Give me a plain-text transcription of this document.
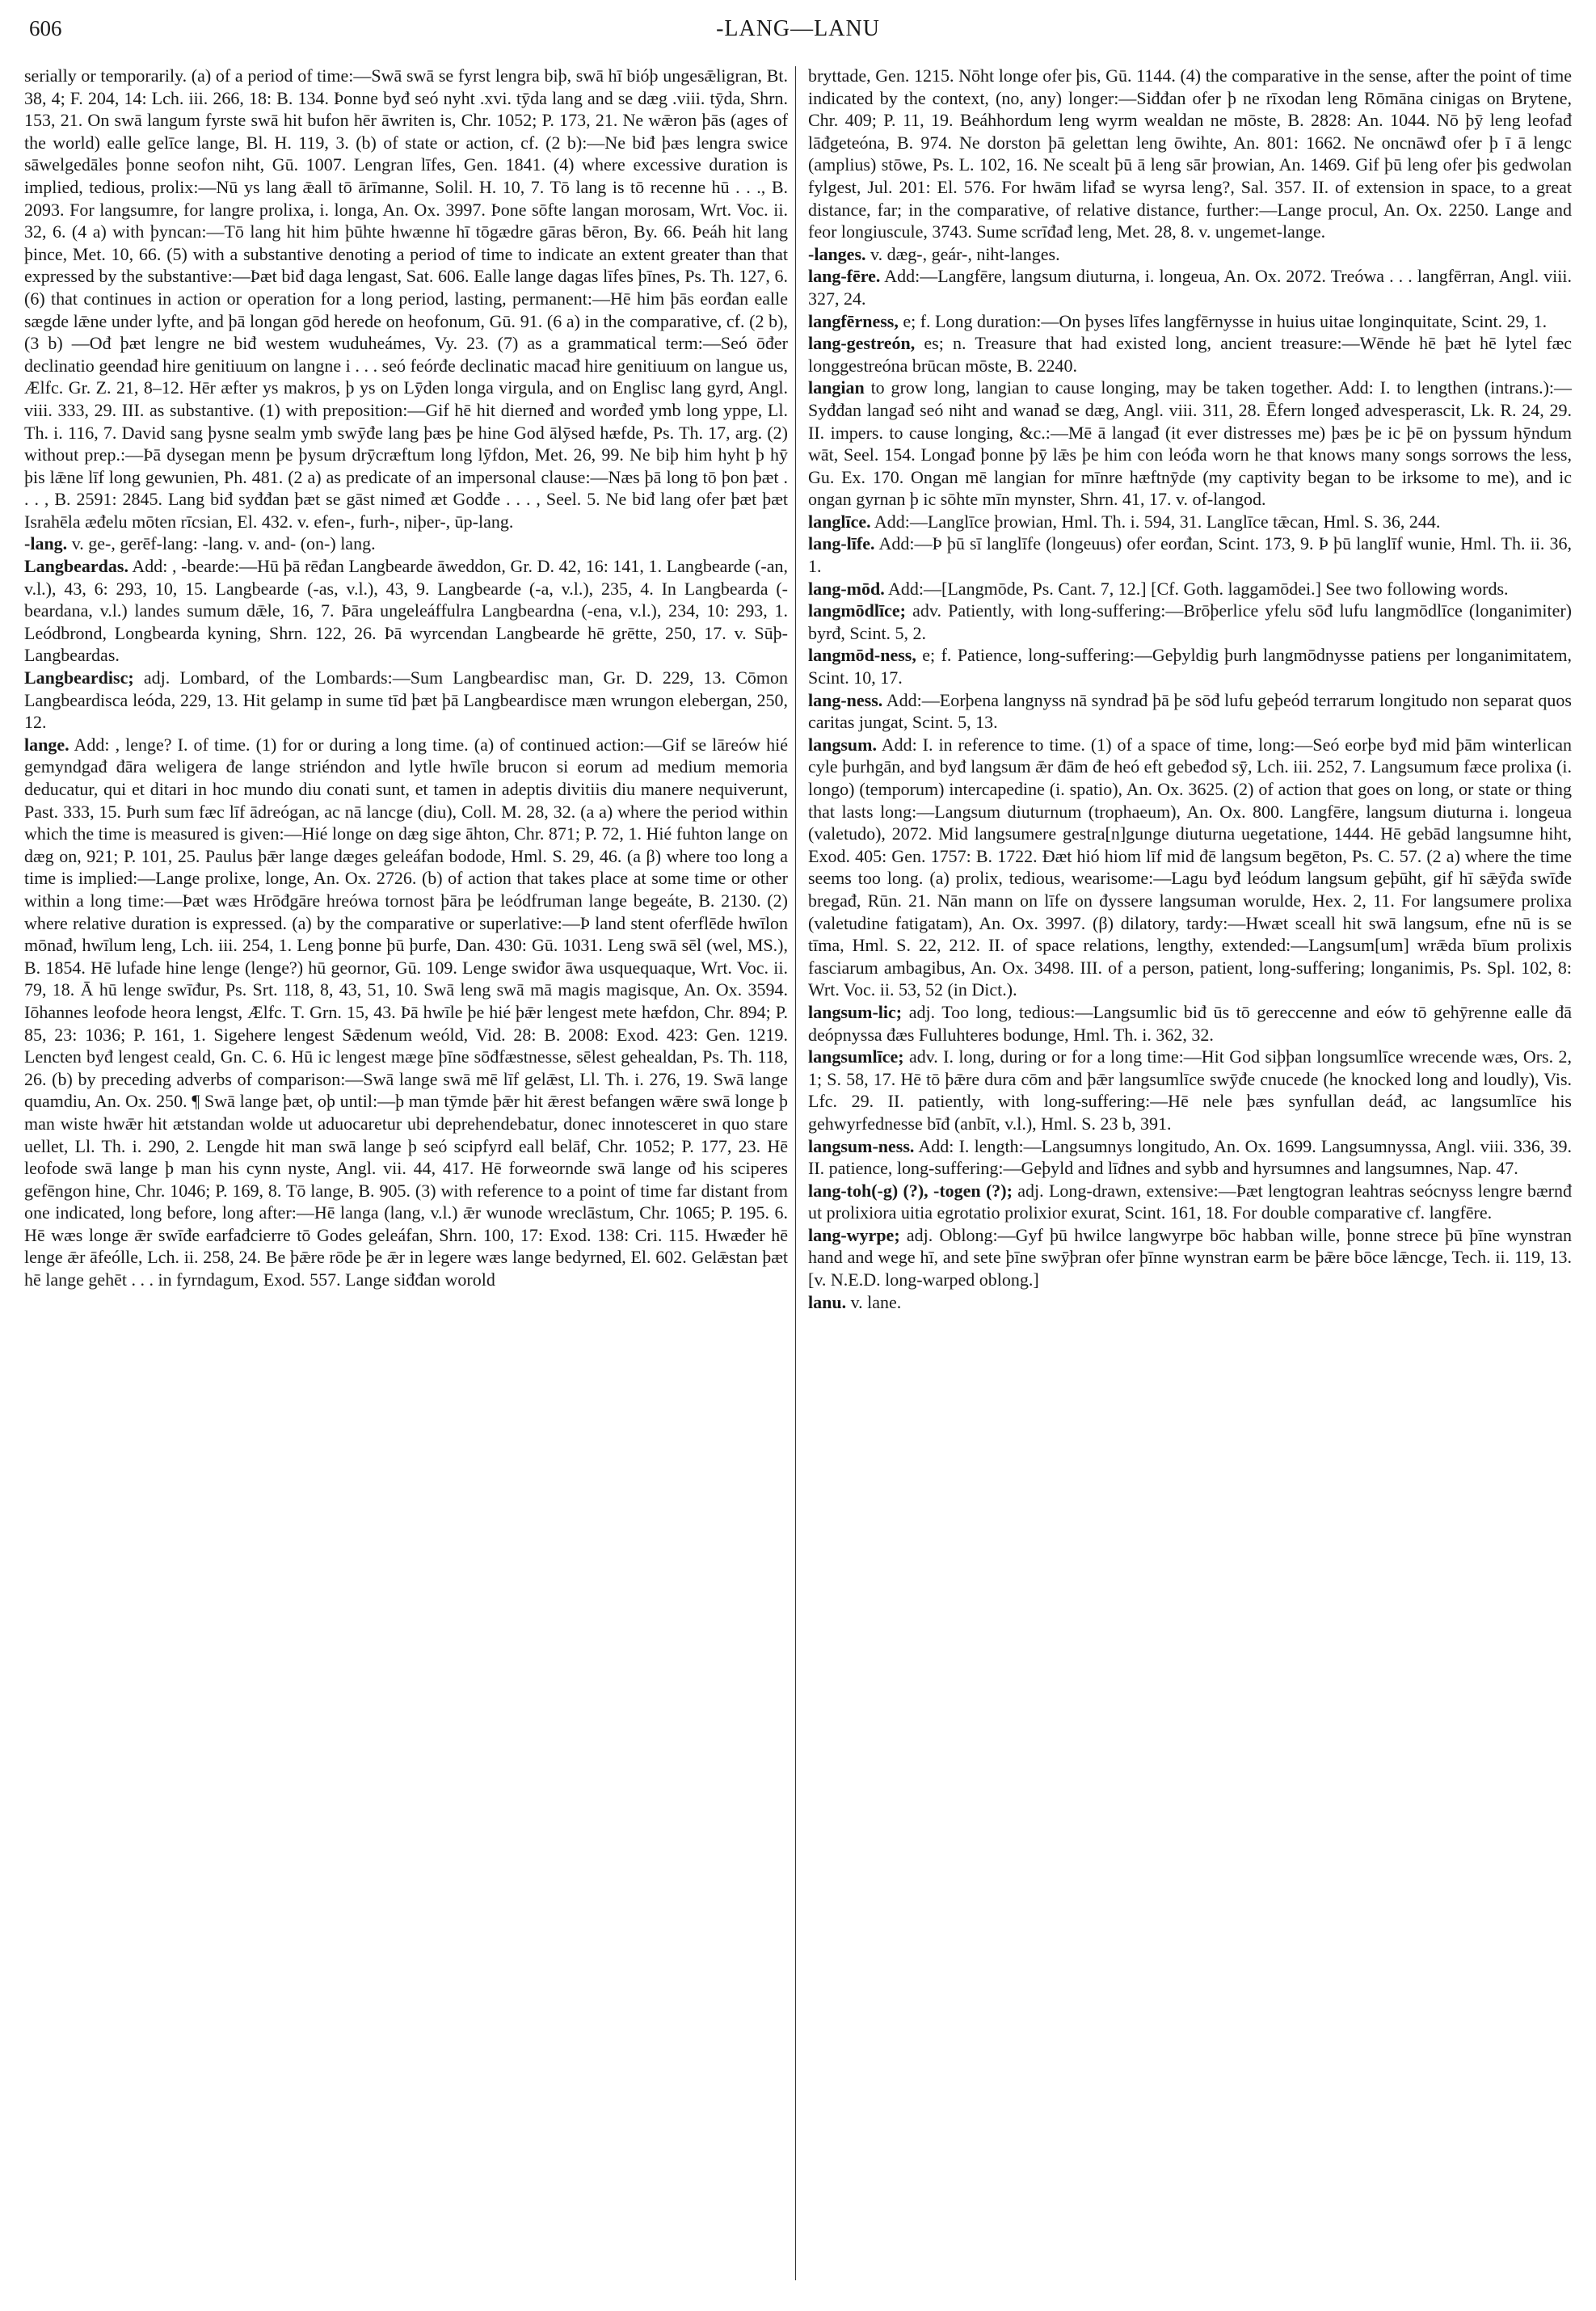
606	-LANG—LANU

serially or temporarily. (a) of a period of time:—Swā swā se fyrst lengra biþ, swā hī bióþ ungesǣligran, Bt. 38, 4; F. 204, 14: Lch. iii. 266, 18: B. 134. Þonne byđ seó nyht .xvi. tȳda lang and se dæg .viii. tȳda, Shrn. 153, 21. On swā langum fyrste swā hit bufon hēr āwriten is, Chr. 1052; P. 173, 21. Ne wǣron þās (ages of the world) ealle gelīce lange, Bl. H. 119, 3. (b) of state or action, cf. (2 b):—Ne biđ þæs lengra swice sāwelgedāles þonne seofon niht, Gū. 1007. Lengran līfes, Gen. 1841. (4) where excessive duration is implied, tedious, prolix:—Nū ys lang ǣall tō ārīmanne, Solil. H. 10, 7. Tō lang is tō recenne hū . . ., B. 2093. For langsumre, for langre prolixa, i. longa, An. Ox. 3997. Þone sōfte langan morosam, Wrt. Voc. ii. 32, 6. (4 a) with þyncan:—Tō lang hit him þūhte hwænne hī tōgædre gāras bēron, By. 66. Þeáh hit lang þince, Met. 10, 66. (5) with a substantive denoting a period of time to indicate an extent greater than that expressed by the substantive:—Þæt biđ daga lengast, Sat. 606. Ealle lange dagas līfes þīnes, Ps. Th. 127, 6. (6) that continues in action or operation for a long period, lasting, permanent:—Hē him þās eorđan ealle sægde lǣne under lyfte, and þā longan gōd herede on heofonum, Gū. 91. (6 a) in the comparative, cf. (2 b), (3 b) —Ođ þæt lengre ne biđ westem wuduheámes, Vy. 23. (7) as a grammatical term:—Seó ōđer declinatio geendađ hire genitiuum on langne i . . . seó feórđe declinatic macađ hire genitiuum on langue us, Ælfc. Gr. Z. 21, 8–12. Hēr æfter ys makros, þ ys on Lȳden longa virgula, and on Englisc lang gyrd, Angl. viii. 333, 29. III. as substantive. (1) with preposition:—Gif hē hit dierneđ and worđeđ ymb long yppe, Ll. Th. i. 116, 7. David sang þysne sealm ymb swȳđe lang þæs þe hine God ālȳsed hæfde, Ps. Th. 17, arg. (2) without prep.:—Þā dysegan menn þe þysum drȳcræftum long lȳfdon, Met. 26, 99. Ne biþ him hyht þ hȳ þis lǣne līf long gewunien, Ph. 481. (2 a) as predicate of an impersonal clause:—Næs þā long tō þon þæt . . . , B. 2591: 2845. Lang biđ syđđan þæt se gāst nimeđ æt Godđe . . . , Seel. 5. Ne biđ lang ofer þæt þæt Israhēla æđelu mōten rīcsian, El. 432. v. efen-, furh-, niþer-, ūp-lang.

-lang. v. ge-, gerēf-lang: -lang. v. and- (on-) lang.

Langbeardas. Add: , -bearde:—Hū þā rēđan Langbearde āweddon, Gr. D. 42, 16: 141, 1. Langbearde (-an, v.l.), 43, 6: 293, 10, 15. Langbearde (-as, v.l.), 43, 9. Langbearde (-a, v.l.), 235, 4. In Langbearda (-beardana, v.l.) landes sumum dǣle, 16, 7. Þāra ungeleáffulra Langbeardna (-ena, v.l.), 234, 10: 293, 1. Leódbrond, Longbearda kyning, Shrn. 122, 26. Þā wyrcendan Langbearde hē grētte, 250, 17. v. Sūþ-Langbeardas.

Langbeardisc; adj. Lombard, of the Lombards:—Sum Langbeardisc man, Gr. D. 229, 13. Cōmon Langbeardisca leóda, 229, 13. Hit gelamp in sume tīd þæt þā Langbeardisce mæn wrungon elebergan, 250, 12.

lange. Add: , lenge? I. of time. (1) for or during a long time. (a) of continued action:—Gif se lāreów hié gemyndgađ đāra weligera đe lange striéndon and lytle hwīle brucon si eorum ad medium memoria deducatur, qui et ditari in hoc mundo diu conati sunt, et tamen in adeptis divitiis diu manere nequiverunt, Past. 333, 15. Þurh sum fæc līf ādreógan, ac nā lancge (diu), Coll. M. 28, 32. (a a) where the period within which the time is measured is given:—Hié longe on dæg sige āhton, Chr. 871; P. 72, 1. Hié fuhton lange on dæg on, 921; P. 101, 25. Paulus þǣr lange dæges geleáfan bodode, Hml. S. 29, 46. (a β) where too long a time is implied:—Lange prolixe, longe, An. Ox. 2726. (b) of action that takes place at some time or other within a long time:—Þæt wæs Hrōđgāre hreówa tornost þāra þe leódfruman lange begeáte, B. 2130. (2) where relative duration is expressed. (a) by the comparative or superlative:—Þ land stent oferflēde hwīlon mōnađ, hwīlum leng, Lch. iii. 254, 1. Leng þonne þū þurfe, Dan. 430: Gū. 1031. Leng swā sēl (wel, MS.), B. 1854. Hē lufade hine lenge (lenge?) hū geornor, Gū. 109. Lenge swiđor āwa usquequaque, Wrt. Voc. ii. 79, 18. Ā hū lenge swīđur, Ps. Srt. 118, 8, 43, 51, 10. Swā leng swā mā magis magisque, An. Ox. 3594. Iōhannes leofode heora lengst, Ælfc. T. Grn. 15, 43. Þā hwīle þe hié þǣr lengest mete hæfdon, Chr. 894; P. 85, 23: 1036; P. 161, 1. Sigehere lengest Sǣdenum weóld, Vid. 28: B. 2008: Exod. 423: Gen. 1219. Lencten byđ lengest ceald, Gn. C. 6. Hū ic lengest mæge þīne sōđfæstnesse, sēlest gehealdan, Ps. Th. 118, 26. (b) by preceding adverbs of comparison:—Swā lange swā mē līf gelǣst, Ll. Th. i. 276, 19. Swā lange quamdiu, An. Ox. 250. ¶ Swā lange þæt, oþ until:—þ man tȳmde þǣr hit ǣrest befangen wǣre swā longe þ man wiste hwǣr hit ætstandan wolde ut aduocaretur ubi deprehendebatur, donec innotesceret in quo stare uellet, Ll. Th. i. 290, 2. Lengde hit man swā lange þ seó scipfyrd eall belāf, Chr. 1052; P. 177, 23. Hē leofode swā lange þ man his cynn nyste, Angl. vii. 44, 417. Hē forweornde swā lange ođ his sciperes gefēngon hine, Chr. 1046; P. 169, 8. Tō lange, B. 905. (3) with reference to a point of time far distant from one indicated, long before, long after:—Hē langa (lang, v.l.) ǣr wunode wreclāstum, Chr. 1065; P. 195. 6. Hē wæs longe ǣr swīđe earfađcierre tō Godes geleáfan, Shrn. 100, 17: Exod. 138: Cri. 115. Hwæđer hē lenge ǣr āfeólle, Lch. ii. 258, 24. Be þǣre rōde þe ǣr in legere wæs lange bedyrned, El. 602. Gelǣstan þæt hē lange gehēt . . . in fyrndagum, Exod. 557. Lange siđđan worold

bryttade, Gen. 1215. Nōht longe ofer þis, Gū. 1144. (4) the comparative in the sense, after the point of time indicated by the context, (no, any) longer:—Siđđan ofer þ ne rīxodan leng Rōmāna cinigas on Brytene, Chr. 409; P. 11, 19. Beáhhordum leng wyrm wealdan ne mōste, B. 2828: An. 1044. Nō þȳ leng leofađ lāđgeteóna, B. 974. Ne dorston þā gelettan leng ōwihte, An. 801: 1662. Ne oncnāwđ ofer þ ī ā lengc (amplius) stōwe, Ps. L. 102, 16. Ne scealt þū ā leng sār þrowian, An. 1469. Gif þū leng ofer þis gedwolan fylgest, Jul. 201: El. 576. For hwām lifađ se wyrsa leng?, Sal. 357. II. of extension in space, to a great distance, far; in the comparative, of relative distance, further:—Lange procul, An. Ox. 2250. Lange and feor longiuscule, 3743. Sume scrīđađ leng, Met. 28, 8. v. ungemet-lange.

-langes. v. dæg-, geár-, niht-langes.

lang-fēre. Add:—Langfēre, langsum diuturna, i. longeua, An. Ox. 2072. Treówa . . . langfērran, Angl. viii. 327, 24.

langfērness, e; f. Long duration:—On þyses līfes langfērnysse in huius uitae longinquitate, Scint. 29, 1.

lang-gestreón, es; n. Treasure that had existed long, ancient treasure:—Wēnde hē þæt hē lytel fæc longgestreóna brūcan mōste, B. 2240.

langian to grow long, langian to cause longing, may be taken together. Add: I. to lengthen (intrans.):—Syđđan langađ seó niht and wanađ se dæg, Angl. viii. 311, 28. Ēfern longeđ advesperascit, Lk. R. 24, 29. II. impers. to cause longing, &c.:—Mē ā langađ (it ever distresses me) þæs þe ic þē on þyssum hȳndum wāt, Seel. 154. Longađ þonne þȳ lǣs þe him con leóđa worn he that knows many songs sorrows the less, Gu. Ex. 170. Ongan mē langian for mīnre hæftnȳde (my captivity began to be irksome to me), and ic ongan gyrnan þ ic sōhte mīn mynster, Shrn. 41, 17. v. of-langod.

langlīce. Add:—Langlīce þrowian, Hml. Th. i. 594, 31. Langlīce tǣcan, Hml. S. 36, 244.

lang-līfe. Add:—Þ þū sī langlīfe (longeuus) ofer eorđan, Scint. 173, 9. Þ þū langlīf wunie, Hml. Th. ii. 36, 1.

lang-mōd. Add:—[Langmōde, Ps. Cant. 7, 12.] [Cf. Goth. laggamōdei.] See two following words.

langmōdlīce; adv. Patiently, with long-suffering:—Brōþerlice yfelu sōđ lufu langmōdlīce (longanimiter) byrđ, Scint. 5, 2.

langmōd-ness, e; f. Patience, long-suffering:—Geþyldig þurh langmōdnysse patiens per longanimitatem, Scint. 10, 17.

lang-ness. Add:—Eorþena langnyss nā syndrađ þā þe sōđ lufu geþeód terrarum longitudo non separat quos caritas jungat, Scint. 5, 13.

langsum. Add: I. in reference to time. (1) of a space of time, long:—Seó eorþe byđ mid þām winterlican cyle þurhgān, and byđ langsum ǣr đām đe heó eft gebeđod sȳ, Lch. iii. 252, 7. Langsumum fæce prolixa (i. longo) (temporum) intercapedine (i. spatio), An. Ox. 3625. (2) of action that goes on long, or state or thing that lasts long:—Langsum diuturnum (trophaeum), An. Ox. 800. Langfēre, langsum diuturna i. longeua (valetudo), 2072. Mid langsumere gestra[n]gunge diuturna uegetatione, 1444. Hē gebād langsumne hiht, Exod. 405: Gen. 1757: B. 1722. Đæt hió hiom līf mid đē langsum begēton, Ps. C. 57. (2 a) where the time seems too long. (a) prolix, tedious, wearisome:—Lagu byđ leódum langsum geþūht, gif hī sǣȳđa swīđe bregađ, Rūn. 21. Nān mann on līfe on đyssere langsuman worulde, Hex. 2, 11. For langsumere prolixa (valetudine fatigatam), An. Ox. 3997. (β) dilatory, tardy:—Hwæt sceall hit swā langsum, efne nū is se tīma, Hml. S. 22, 212. II. of space relations, lengthy, extended:—Langsum[um] wrǣda bīum prolixis fasciarum ambagibus, An. Ox. 3498. III. of a person, patient, long-suffering; longanimis, Ps. Spl. 102, 8: Wrt. Voc. ii. 53, 52 (in Dict.).

langsum-lic; adj. Too long, tedious:—Langsumlic biđ ūs tō gereccenne and eów tō gehȳrenne ealle đā deópnyssa đæs Fulluhteres bodunge, Hml. Th. i. 362, 32.

langsumlīce; adv. I. long, during or for a long time:—Hit God siþþan longsumlīce wrecende wæs, Ors. 2, 1; S. 58, 17. Hē tō þǣre dura cōm and þǣr langsumlīce swȳđe cnucede (he knocked long and loudly), Vis. Lfc. 29. II. patiently, with long-suffering:—Hē nele þæs synfullan deáđ, ac langsumlīce his gehwyrfednesse bīđ (anbīt, v.l.), Hml. S. 23 b, 391.

langsum-ness. Add: I. length:—Langsumnys longitudo, An. Ox. 1699. Langsumnyssa, Angl. viii. 336, 39. II. patience, long-suffering:—Geþyld and līđnes and sybb and hyrsumnes and langsumnes, Nap. 47.

lang-toh(-g) (?), -togen (?); adj. Long-drawn, extensive:—Þæt lengtogran leahtras seócnyss lengre bærnđ ut prolixiora uitia egrotatio prolixior exurat, Scint. 161, 18. For double comparative cf. langfēre.

lang-wyrpe; adj. Oblong:—Gyf þū hwilce langwyrpe bōc habban wille, þonne strece þū þīne wynstran hand and wege hī, and sete þīne swȳþran ofer þīnne wynstran earm be þǣre bōce lǣncge, Tech. ii. 119, 13. [v. N.E.D. long-warped oblong.]

lanu. v. lane.
